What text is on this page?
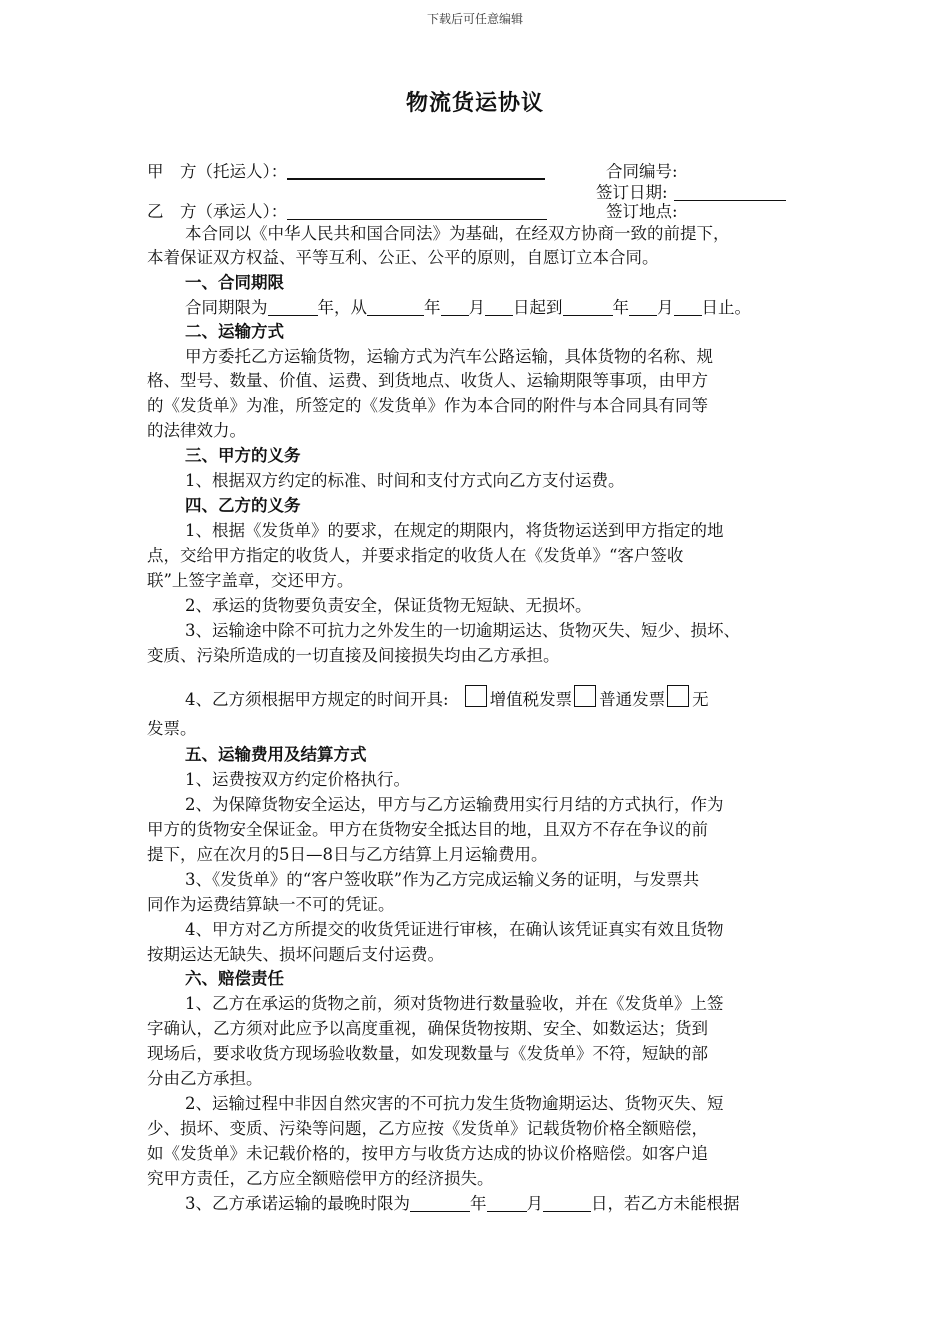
下载后可任意编辑
物流货运协议
甲　方（托运人）：	合同编号:
签订日期:
乙　方（承运人）：	签订地点:
本合同以《中华人民共和国合同法》为基础，在经双方协商一致的前提下，
本着保证双方权益、平等互利、公正、公平的原则，自愿订立本合同。
一、合同期限
合同期限为	年，从	年 月 日起到	年 月 日止。
二、运输方式
甲方委托乙方运输货物，运输方式为汽车公路运输，具体货物的名称、规
格、型号、数量、价值、运费、到货地点、收货人、运输期限等事项，由甲方
的《发货单》为准，所签定的《发货单》作为本合同的附件与本合同具有同等
的法律效力。
三、甲方的义务
1、根据双方约定的标准、时间和支付方式向乙方支付运费。
四、乙方的义务
1、根据《发货单》的要求，在规定的期限内，将货物运送到甲方指定的地
点，交给甲方指定的收货人，并要求指定的收货人在《发货单》“客户签收
联”上签字盖章，交还甲方。
2、承运的货物要负责安全，保证货物无短缺、无损坏。
3、运输途中除不可抗力之外发生的一切逾期运达、货物灭失、短少、损坏、
变质、污染所造成的一切直接及间接损失均由乙方承担。
4、乙方须根据甲方规定的时间开具: 增值税发票 普通发票 无
发票。
五、运输费用及结算方式
1、运费按双方约定价格执行。
2、为保障货物安全运达，甲方与乙方运输费用实行月结的方式执行，作为
甲方的货物安全保证金。甲方在货物安全抵达目的地，且双方不存在争议的前
提下，应在次月的5日—8日与乙方结算上月运输费用。
3、《发货单》的“客户签收联”作为乙方完成运输义务的证明，与发票共
同作为运费结算缺一不可的凭证。
4、甲方对乙方所提交的收货凭证进行审核，在确认该凭证真实有效且货物
按期运达无缺失、损坏问题后支付运费。
六、赔偿责任
1、乙方在承运的货物之前，须对货物进行数量验收，并在《发货单》上签
字确认，乙方须对此应予以高度重视，确保货物按期、安全、如数运达；货到
现场后，要求收货方现场验收数量，如发现数量与《发货单》不符，短缺的部
分由乙方承担。
2、运输过程中非因自然灾害的不可抗力发生货物逾期运达、货物灭失、短
少、损坏、变质、污染等问题，乙方应按《发货单》记载货物价格全额赔偿，
如《发货单》未记载价格的，按甲方与收货方达成的协议价格赔偿。如客户追
究甲方责任，乙方应全额赔偿甲方的经济损失。
3、乙方承诺运输的最晚时限为	年 月	日，若乙方未能根据
